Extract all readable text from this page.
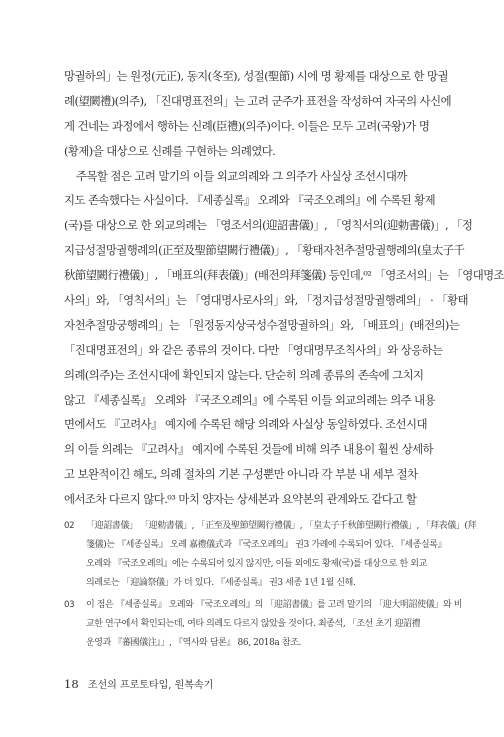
망궐하의」는 원정(元正), 동지(冬至), 성절(聖節) 시에 명 황제를 대상으로 한 망궐
례(望闕禮)(의주), 「진대명표전의」는 고려 군주가 표전을 작성하여 자국의 사신에
게 건네는 과정에서 행하는 신례(臣禮)(의주)이다. 이들은 모두 고려(국왕)가 명
(황제)을 대상으로 신례를 구현하는 의례였다.
주목할 점은 고려 말기의 이들 외교의례와 그 의주가 사실상 조선시대까
지도 존속했다는 사실이다. 『세종실록』 오례와 『국조오례의』에 수록된 황제
(국)를 대상으로 한 외교의례는 「영조서의(迎詔書儀)」, 「영칙서의(迎勅書儀)」, 「정
지급성절망궐행례의(正至及聖節望闕行禮儀)」, 「황태자천추절망궐행례의(皇太子千
秋節望闕行禮儀)」, 「배표의(拜表儀)」(배전의拜箋儀) 등인데,⁰² 「영조서의」는 「영대명조
사의」와, 「영칙서의」는 「영대명사로사의」와, 「정지급성절망궐행례의」 · 「황태
자천추절망궁행례의」는 「원정동지상국성수절망궐하의」와, 「배표의」(배전의)는
「진대명표전의」와 같은 종류의 것이다. 다만 「영대명무조칙사의」와 상응하는
의례(의주)는 조선시대에 확인되지 않는다. 단순히 의례 종류의 존속에 그치지
않고 『세종실록』 오례와 『국조오례의』에 수록된 이들 외교의례는 의주 내용
면에서도 『고려사』 예지에 수록된 해당 의례와 사실상 동일하였다. 조선시대
의 이들 의례는 『고려사』 예지에 수록된 것들에 비해 의주 내용이 훨씬 상세하
고 보완적이긴 해도, 의례 절차의 기본 구성뿐만 아니라 각 부분 내 세부 절차
에서조차 다르지 않다.⁰³ 마치 양자는 상세본과 요약본의 관계와도 같다고 할
02	「迎詔書儀」 「迎勅書儀」, 「正至及聖節望闕行禮儀」, 「皇太子千秋節望闕行禮儀」, 「拜表儀」(拜
箋儀)는 『세종실록』 오례 嘉禮儀式과 『국조오례의』 권3 가례에 수록되어 있다. 『세종실록』
오례와 『국조오례의』에는 수록되어 있지 않지만, 이들 외에도 황제(국)를 대상으로 한 외교
의례로는 「迎論祭儀」가 더 있다. 『세종실록』 권3 세종 1년 1월 신해.
03	이 점은 『세종실록』 오례와 『국조오례의』의 「迎詔書儀」를 고려 말기의 「迎大明詔使儀」와 비
교한 연구에서 확인되는데, 여타 의례도 다르지 않았을 것이다. 최종석, 「조선 초기 迎詔禮
운영과 『蕃國儀注』」, 『역사와 담론』 86, 2018a 참조.
18 조선의 프로토타입, 원복속기
